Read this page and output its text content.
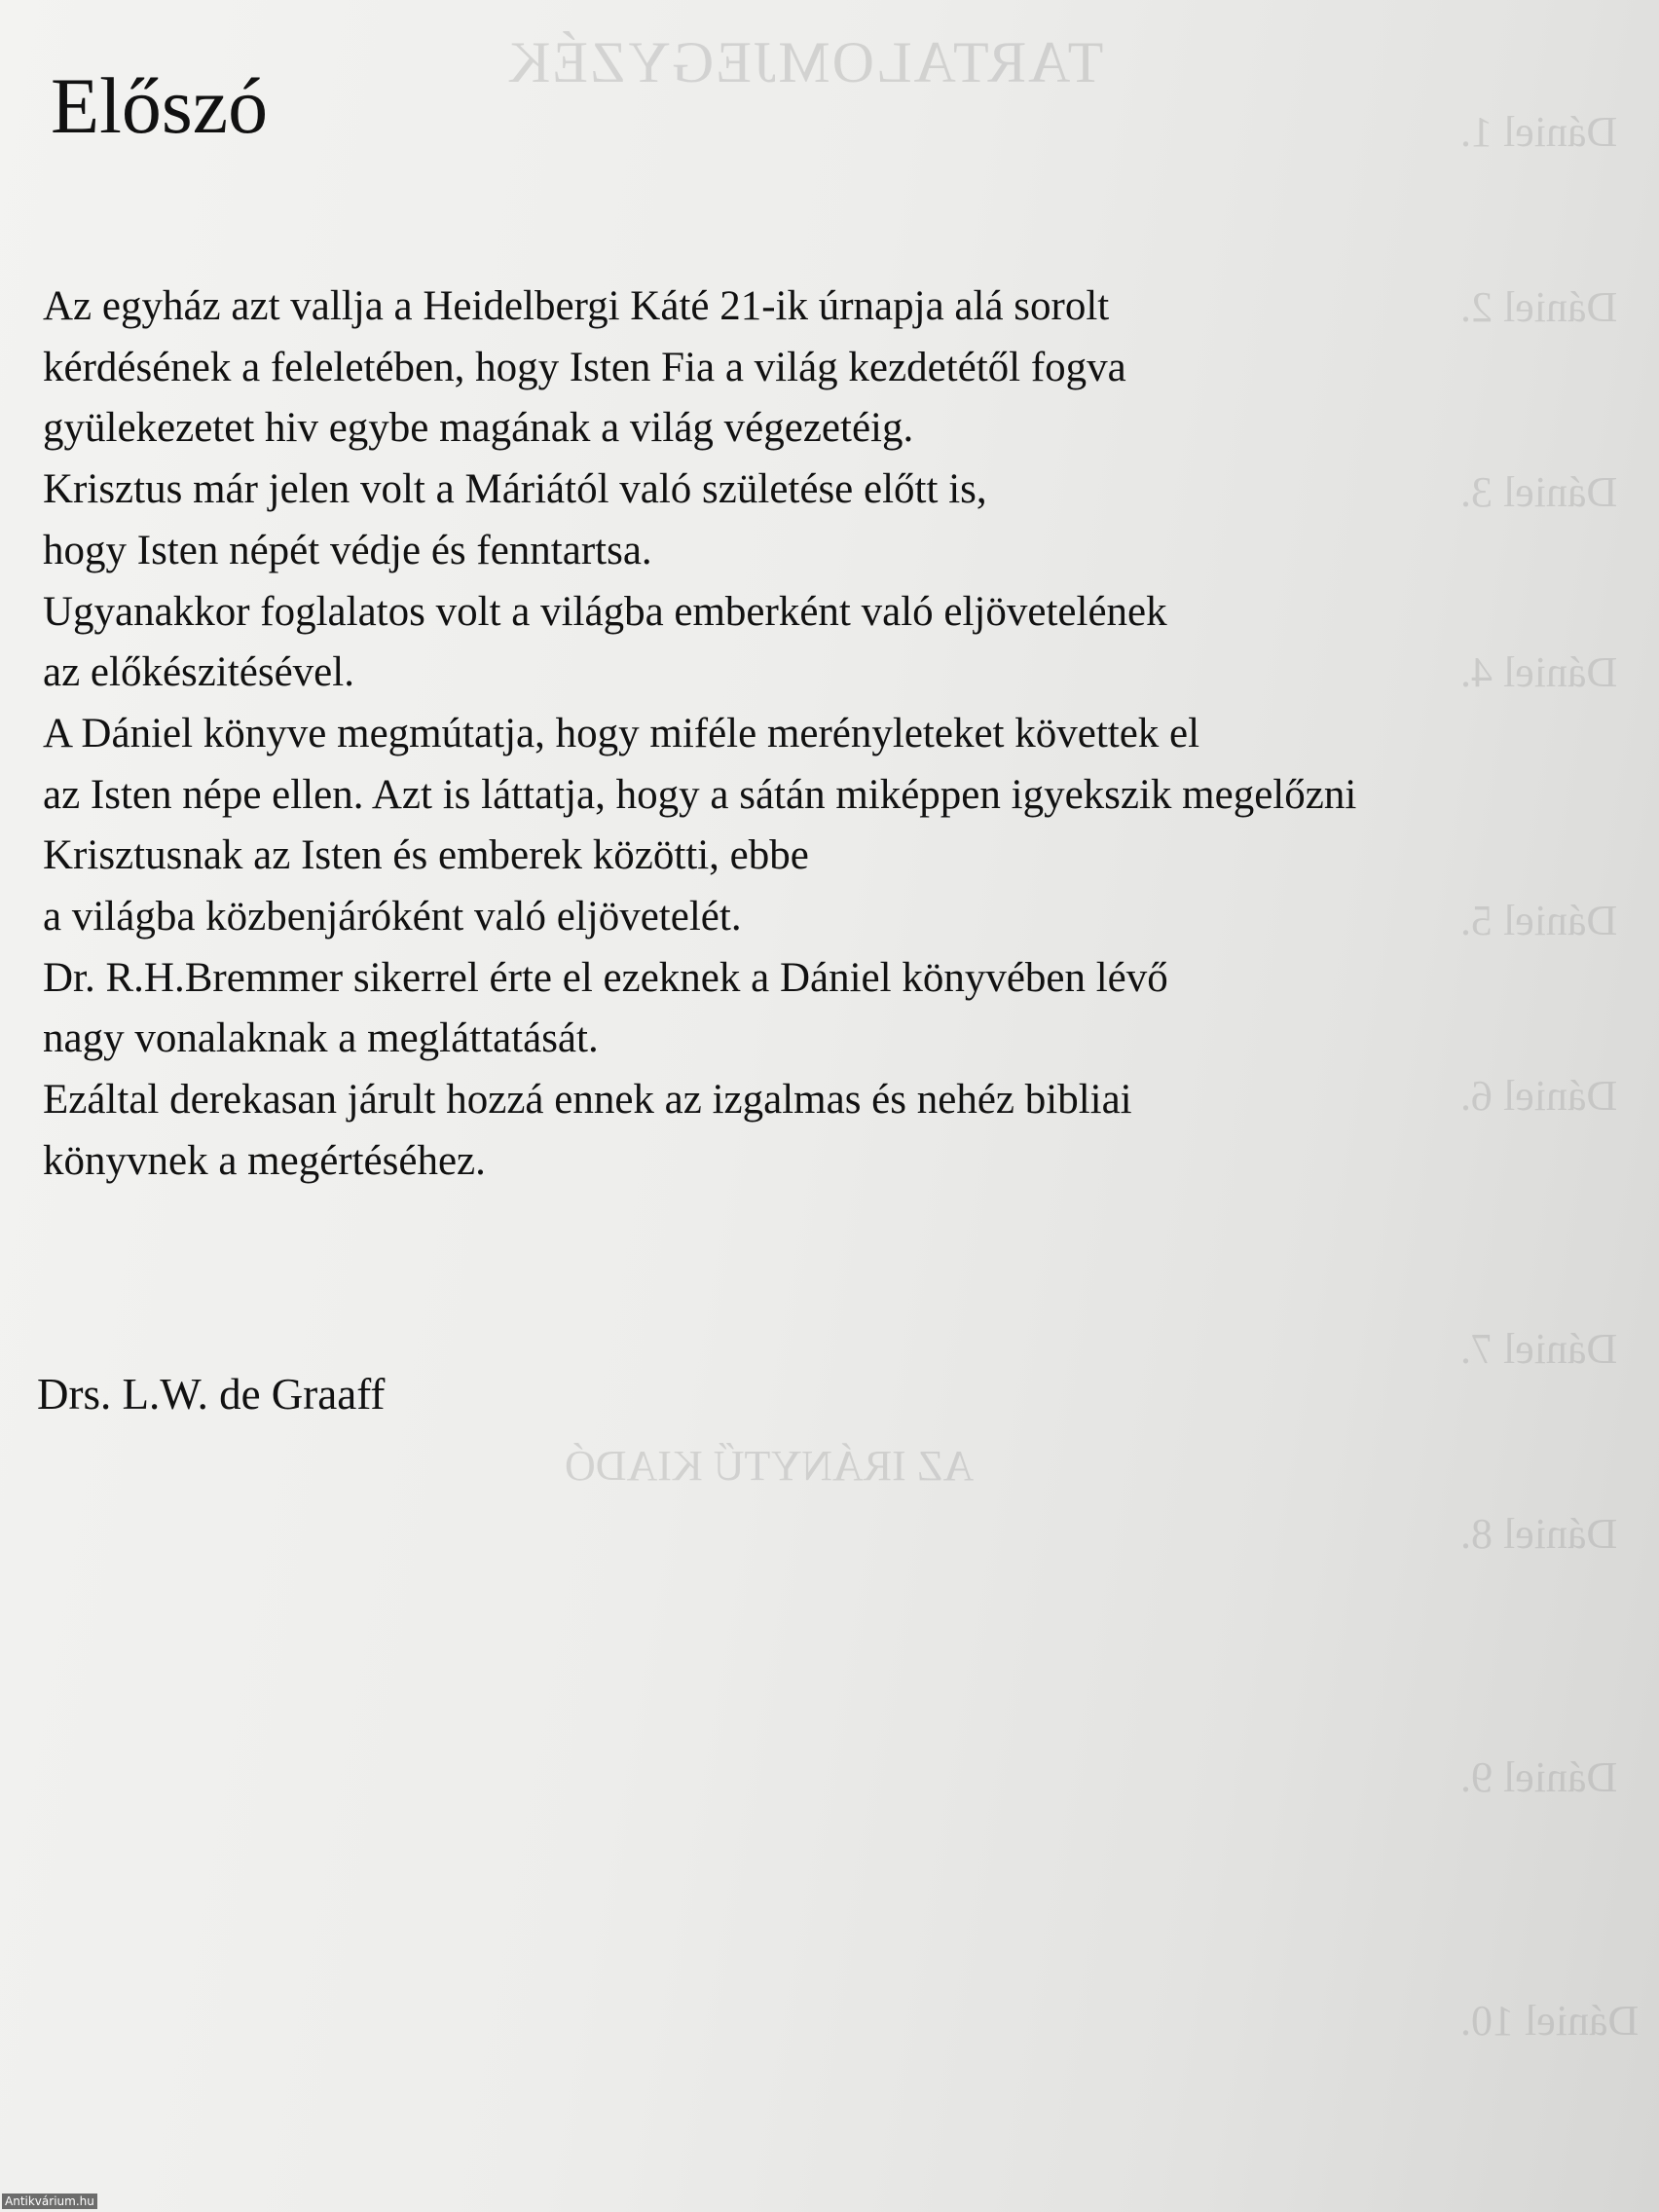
TARTALOMJEGYZÉK
Dániel 1.
Dániel 2.
Dániel 3.
Dániel 4.
Dániel 5.
Dániel 6.
Dániel 7.
AZ IRÁNYTŰ KIADÓ
Dániel 8.
Dániel 9.
Dániel 10.
Előszó
Az egyház azt vallja a Heidelbergi Káté 21-ik úrnapja alá sorolt
kérdésének a feleletében, hogy Isten Fia a világ kezdetétől fogva
gyülekezetet hiv egybe magának a világ végezetéig.
Krisztus már jelen volt a Máriától való születése előtt is,
hogy Isten népét védje és fenntartsa.
Ugyanakkor foglalatos volt a világba emberként való eljövetelének
az előkészitésével.
A Dániel könyve megmútatja, hogy miféle merényleteket követtek el
az Isten népe ellen. Azt is láttatja, hogy a sátán miképpen igyekszik megelőzni
Krisztusnak az Isten és emberek közötti, ebbe
a világba közbenjáróként való eljövetelét.
Dr. R.H.Bremmer sikerrel érte el ezeknek a Dániel könyvében lévő
nagy vonalaknak a megláttatását.
Ezáltal derekasan járult hozzá ennek az izgalmas és nehéz bibliai
könyvnek a megértéséhez.
Drs. L.W. de Graaff
Antikvárium.hu
